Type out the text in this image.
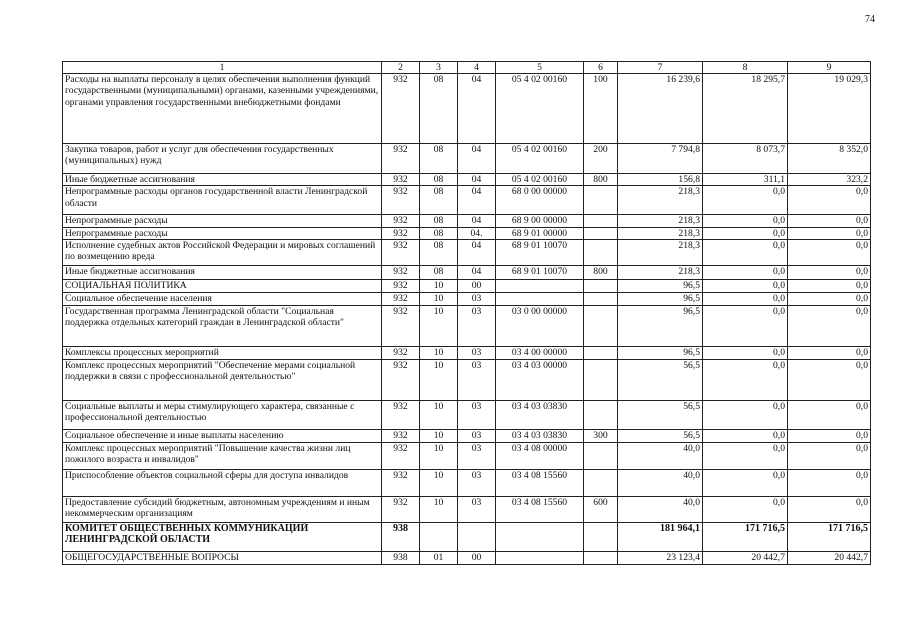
74
1	2	3	4	5	6	7	8	9
Расходы на выплаты персоналу в целях обеспечения выполнения функций государственными (муниципальными) органами, казенными учреждениями, органами управления государственными внебюджетными фондами	932	08	04	05 4 02 00160	100	16 239,6	18 295,7	19 029,3
Закупка товаров, работ и услуг для обеспечения государственных (муниципальных) нужд	932	08	04	05 4 02 00160	200	7 794,8	8 073,7	8 352,0
Иные бюджетные ассигнования	932	08	04	05 4 02 00160	800	156,8	311,1	323,2
Непрограммные расходы органов государственной власти Ленинградской области	932	08	04	68 0 00 00000		218,3	0,0	0,0
Непрограммные расходы	932	08	04	68 9 00 00000		218,3	0,0	0,0
Непрограммные расходы	932	08	04.	68 9 01 00000		218,3	0,0	0,0
Исполнение судебных актов Российской Федерации и мировых соглашений по возмещению вреда	932	08	04	68 9 01 10070		218,3	0,0	0,0
Иные бюджетные ассигнования	932	08	04	68 9 01 10070	800	218,3	0,0	0,0
СОЦИАЛЬНАЯ ПОЛИТИКА	932	10	00			96,5	0,0	0,0
Социальное обеспечение населения	932	10	03			96,5	0,0	0,0
Государственная программа Ленинградской области "Социальная поддержка отдельных категорий граждан в Ленинградской области"	932	10	03	03 0 00 00000		96,5	0,0	0,0
Комплексы процессных мероприятий	932	10	03	03 4 00 00000		96,5	0,0	0,0
Комплекс процессных мероприятий "Обеспечение мерами социальной поддержки в связи с профессиональной деятельностью"	932	10	03	03 4 03 00000		56,5	0,0	0,0
Социальные выплаты и меры стимулирующего характера, связанные с профессиональной деятельностью	932	10	03	03 4 03 03830		56,5	0,0	0,0
Социальное обеспечение и иные выплаты населению	932	10	03	03 4 03 03830	300	56,5	0,0	0,0
Комплекс процессных мероприятий "Повышение качества жизни лиц пожилого возраста и инвалидов"	932	10	03	03 4 08 00000		40,0	0,0	0,0
Приспособление объектов социальной сферы для доступа инвалидов	932	10	03	03 4 08 15560		40,0	0,0	0,0
Предоставление субсидий бюджетным, автономным учреждениям и иным некоммерческим организациям	932	10	03	03 4 08 15560	600	40,0	0,0	0,0
КОМИТЕТ ОБЩЕСТВЕННЫХ КОММУНИКАЦИЙ ЛЕНИНГРАДСКОЙ ОБЛАСТИ	938					181 964,1	171 716,5	171 716,5
ОБЩЕГОСУДАРСТВЕННЫЕ ВОПРОСЫ	938	01	00			23 123,4	20 442,7	20 442,7
